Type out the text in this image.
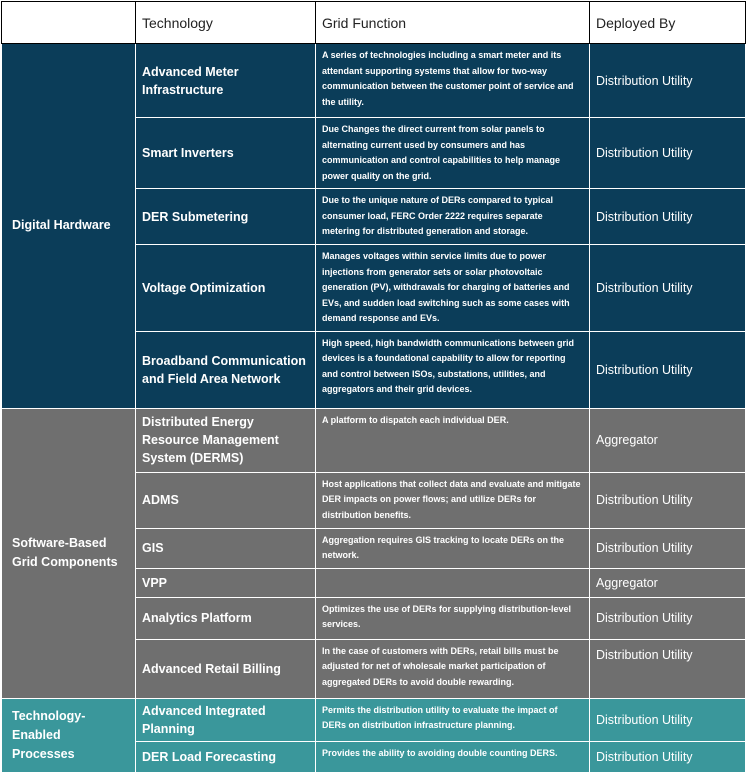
	Technology	Grid Function	Deployed By
Digital Hardware	Advanced Meter Infrastructure	A series of technologies including a smart meter and its attendant supporting systems that allow for two-way communication between the customer point of service and the utility.	Distribution Utility
	Smart Inverters	Due Changes the direct current from solar panels to alternating current used by consumers and has communication and control capabilities to help manage power quality on the grid.	Distribution Utility
	DER Submetering	Due to the unique nature of DERs compared to typical consumer load, FERC Order 2222 requires separate metering for distributed generation and storage.	Distribution Utility
	Voltage Optimization	Manages voltages within service limits due to power injections from generator sets or solar photovoltaic generation (PV), withdrawals for charging of batteries and EVs, and sudden load switching such as some cases with demand response and EVs.	Distribution Utility
	Broadband Communication and Field Area Network	High speed, high bandwidth communications between grid devices is a foundational capability to allow for reporting and control between ISOs, substations, utilities, and aggregators and their grid devices.	Distribution Utility
Software-Based Grid Components	Distributed Energy Resource Management System (DERMS)	A platform to dispatch each individual DER.	Aggregator
	ADMS	Host applications that collect data and evaluate and mitigate DER impacts on power flows; and utilize DERs for distribution benefits.	Distribution Utility
	GIS	Aggregation requires GIS tracking to locate DERs on the network.	Distribution Utility
	VPP		Aggregator
	Analytics Platform	Optimizes the use of DERs for supplying distribution-level services.	Distribution Utility
	Advanced Retail Billing	In the case of customers with DERs, retail bills must be adjusted for net of wholesale market participation of aggregated DERs to avoid double rewarding.	Distribution Utility
Technology-Enabled Processes	Advanced Integrated Planning	Permits the distribution utility to evaluate the impact of DERs on distribution infrastructure planning.	Distribution Utility
	DER Load Forecasting	Provides the ability to avoiding double counting DERS.	Distribution Utility
